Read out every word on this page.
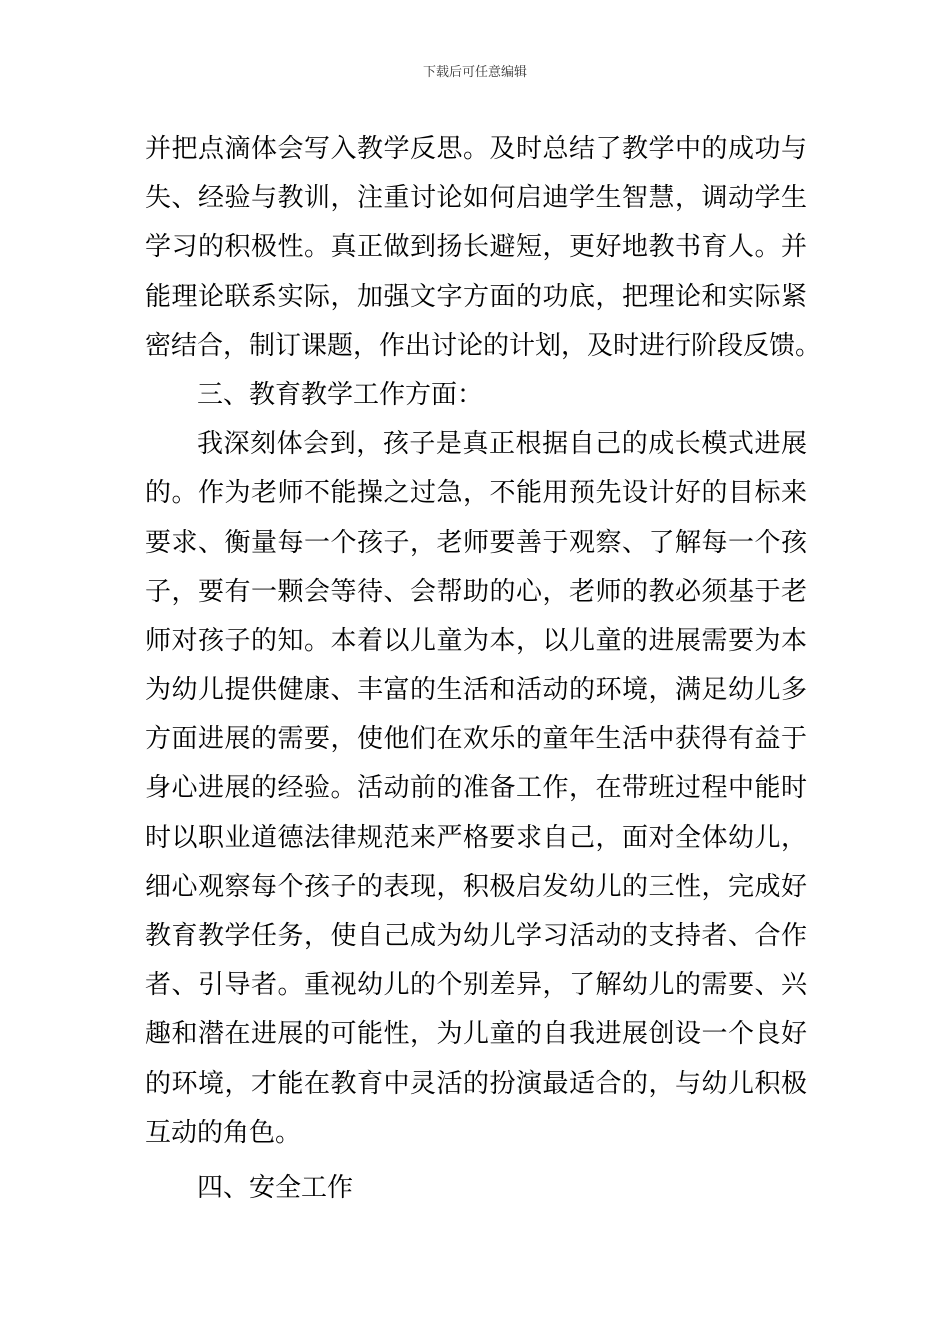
下载后可任意编辑
并把点滴体会写入教学反思。及时总结了教学中的成功与
失、经验与教训，注重讨论如何启迪学生智慧，调动学生
学习的积极性。真正做到扬长避短，更好地教书育人。并
能理论联系实际，加强文字方面的功底，把理论和实际紧
密结合，制订课题，作出讨论的计划，及时进行阶段反馈。
三、教育教学工作方面：
我深刻体会到，孩子是真正根据自己的成长模式进展
的。作为老师不能操之过急，不能用预先设计好的目标来
要求、衡量每一个孩子，老师要善于观察、了解每一个孩
子，要有一颗会等待、会帮助的心，老师的教必须基于老
师对孩子的知。本着以儿童为本，以儿童的进展需要为本
为幼儿提供健康、丰富的生活和活动的环境，满足幼儿多
方面进展的需要，使他们在欢乐的童年生活中获得有益于
身心进展的经验。活动前的准备工作，在带班过程中能时
时以职业道德法律规范来严格要求自己，面对全体幼儿，
细心观察每个孩子的表现，积极启发幼儿的三性，完成好
教育教学任务，使自己成为幼儿学习活动的支持者、合作
者、引导者。重视幼儿的个别差异，了解幼儿的需要、兴
趣和潜在进展的可能性，为儿童的自我进展创设一个良好
的环境，才能在教育中灵活的扮演最适合的，与幼儿积极
互动的角色。
四、安全工作
